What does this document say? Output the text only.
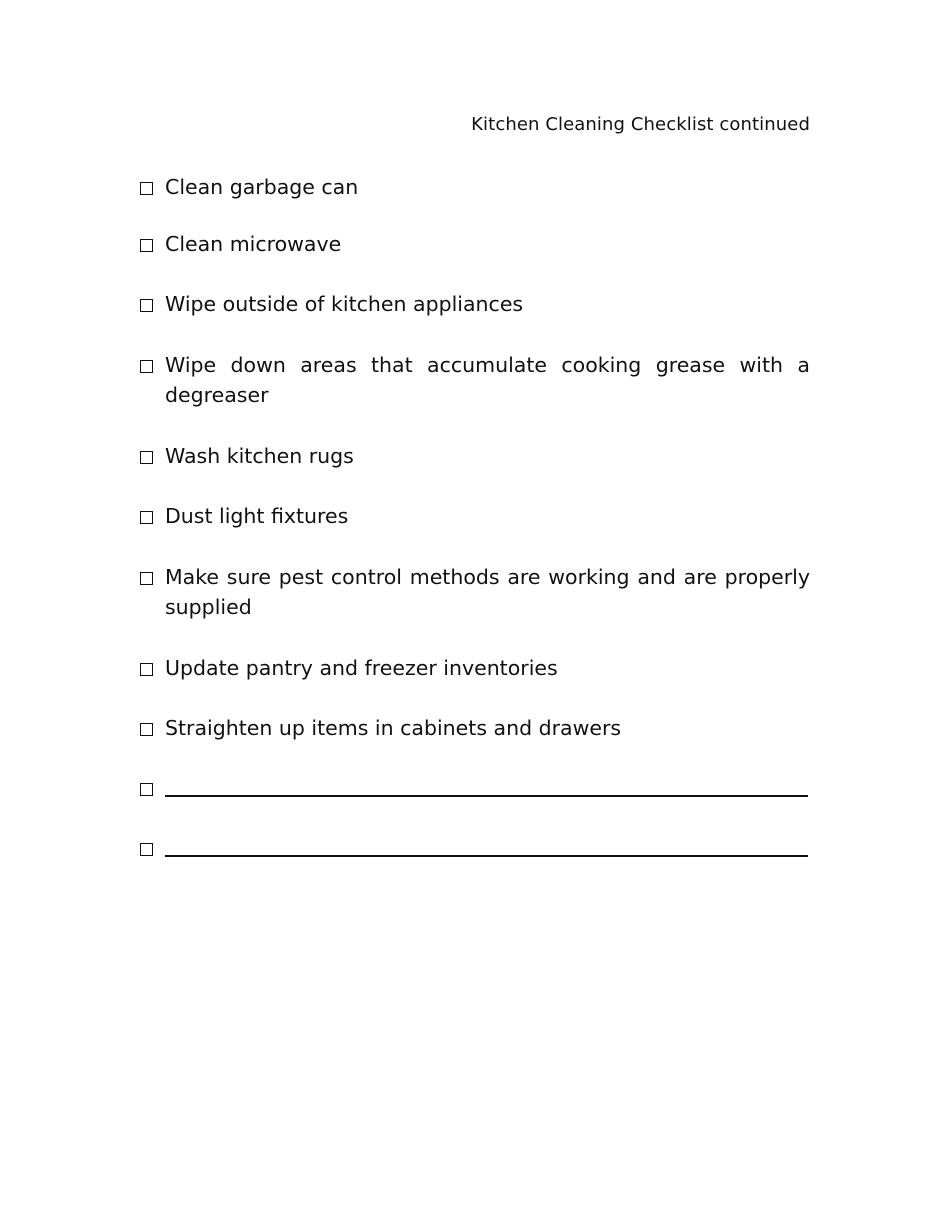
Kitchen Cleaning Checklist continued
Clean garbage can
Clean microwave
Wipe outside of kitchen appliances
Wipe down areas that accumulate cooking grease with a degreaser
Wash kitchen rugs
Dust light fixtures
Make sure pest control methods are working and are properly supplied
Update pantry and freezer inventories
Straighten up items in cabinets and drawers
